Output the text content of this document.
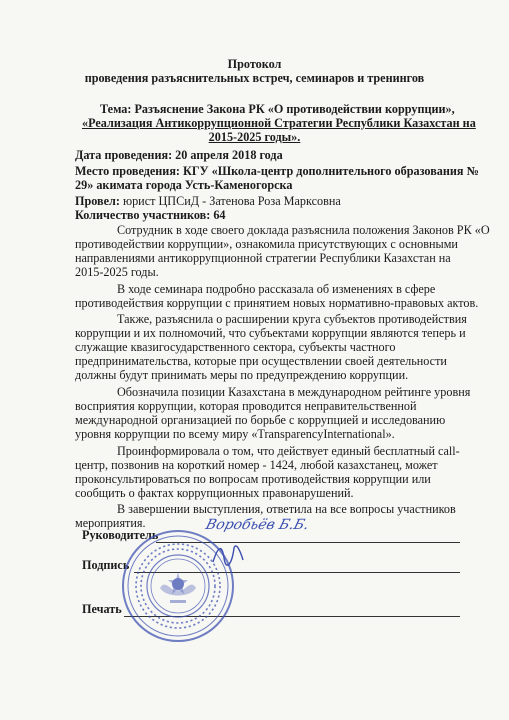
Протокол
проведения разъяснительных встреч, семинаров и тренингов
Тема: Разъяснение Закона РК «О противодействии коррупции»,
«Реализация Антикоррупционной Стратегии Республики Казахстан на
2015-2025 годы».
Дата проведения: 20 апреля 2018 года
Место проведения: КГУ «Школа-центр дополнительного образования №
29» акимата города Усть-Каменогорска
Провел: юрист ЦПСиД - Затенова Роза Марксовна
Количество участников: 64
Сотрудник в ходе своего доклада разъяснила положения Законов РК «О
противодействии коррупции», ознакомила присутствующих с основными
направлениями антикоррупционной стратегии Республики Казахстан на
2015-2025 годы.
В ходе семинара подробно рассказала об изменениях в сфере
противодействия коррупции с принятием новых нормативно-правовых актов.
Также, разъяснила о расширении круга субъектов противодействия
коррупции и их полномочий, что субъектами коррупции являются теперь и
служащие квазигосударственного сектора, субъекты частного
предпринимательства, которые при осуществлении своей деятельности
должны будут принимать меры по предупреждению коррупции.
Обозначила позиции Казахстана в международном рейтинге уровня
восприятия коррупции, которая проводится неправительственной
международной организацией по борьбе с коррупцией и исследованию
уровня коррупции по всему миру «TransparencyInternational».
Проинформировала о том, что действует единый бесплатный call-
центр, позвонив на короткий номер - 1424, любой казахстанец, может
проконсультироваться по вопросам противодействия коррупции или
сообщить о фактах коррупционных правонарушений.
В завершении выступления, ответила на все вопросы участников
мероприятия.
Руководитель
Воробьёв Б.Б.
Подпись
Печать
